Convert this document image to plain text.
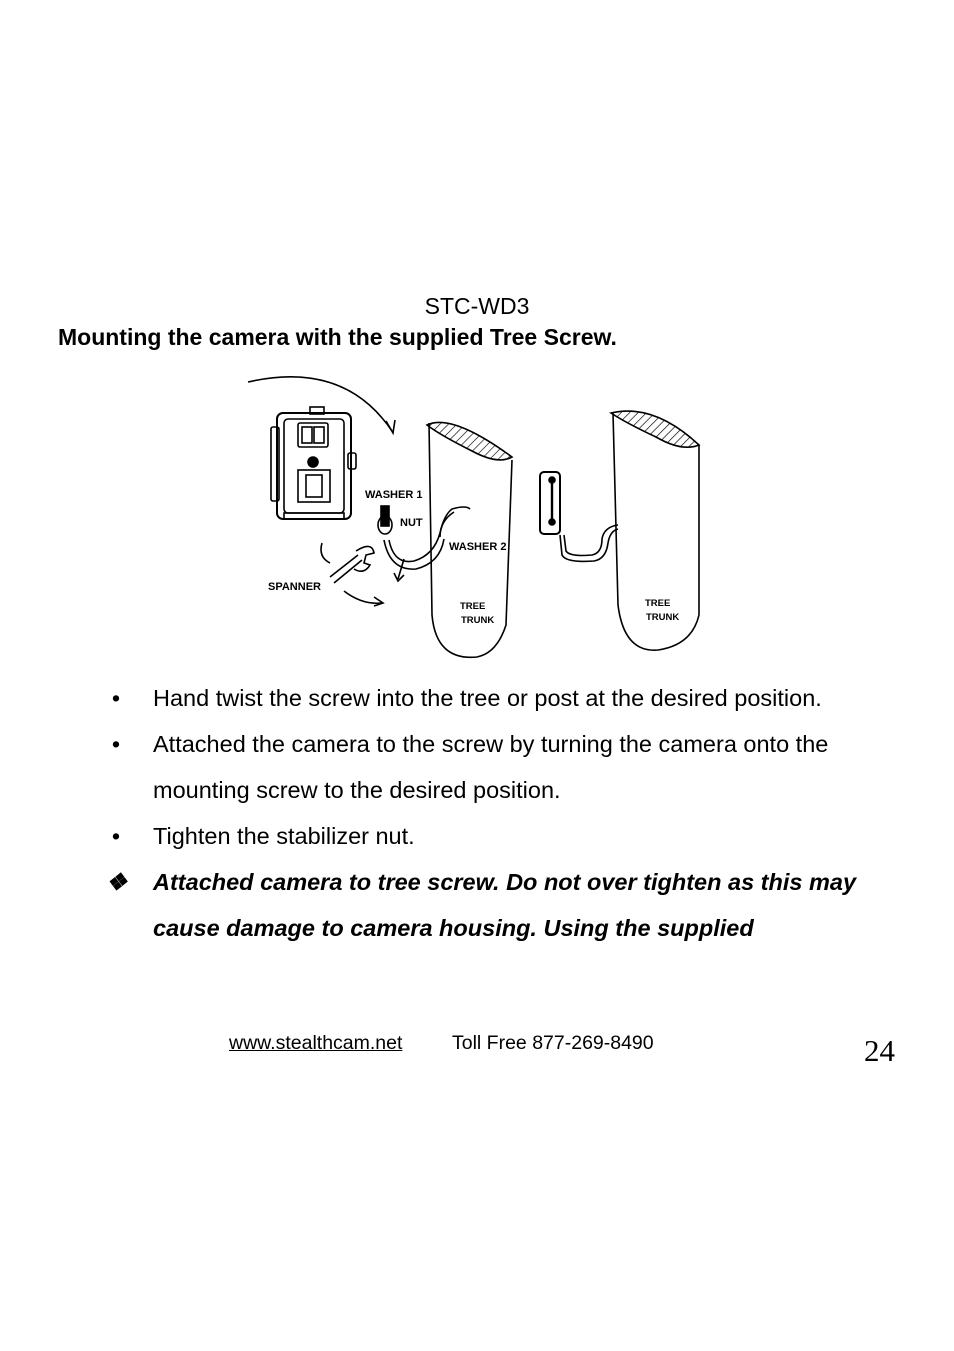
STC-WD3
Mounting the camera with the supplied Tree Screw.
WASHER 1
NUT
WASHER 2
SPANNER
TREE
TRUNK
TREE
TRUNK
• Hand twist the screw into the tree or post at the desired position.
• Attached the camera to the screw by turning the camera onto the mounting screw to the desired position.
• Tighten the stabilizer nut.
❖ Attached camera to tree screw. Do not over tighten as this may cause damage to camera housing. Using the supplied
www.stealthcam.net	Toll Free 877-269-8490	24
